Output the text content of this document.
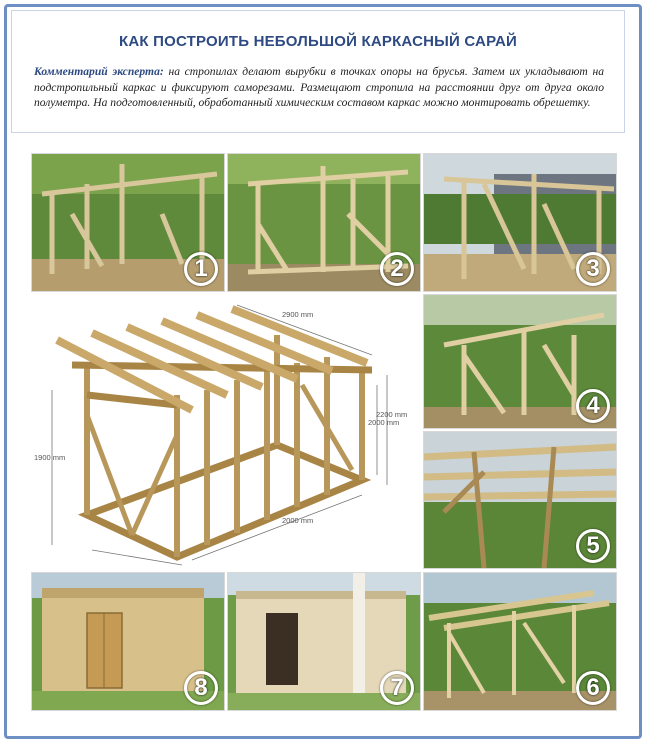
КАК ПОСТРОИТЬ НЕБОЛЬШОЙ КАРКАСНЫЙ САРАЙ
Комментарий эксперта: на стропилах делают вырубки в точках опоры на брусья. Затем их укладывают на подстропильный каркас и фиксируют саморезами. Размещают стропила на расстоянии друг от друга около полуметра. На подготовленный, обработанный химическим составом каркас можно монтировать обрешетку.
1	2	3
2900 mm
1900 mm
2000 mm
2200 mm
2000 mm
4
5
8	7	6
